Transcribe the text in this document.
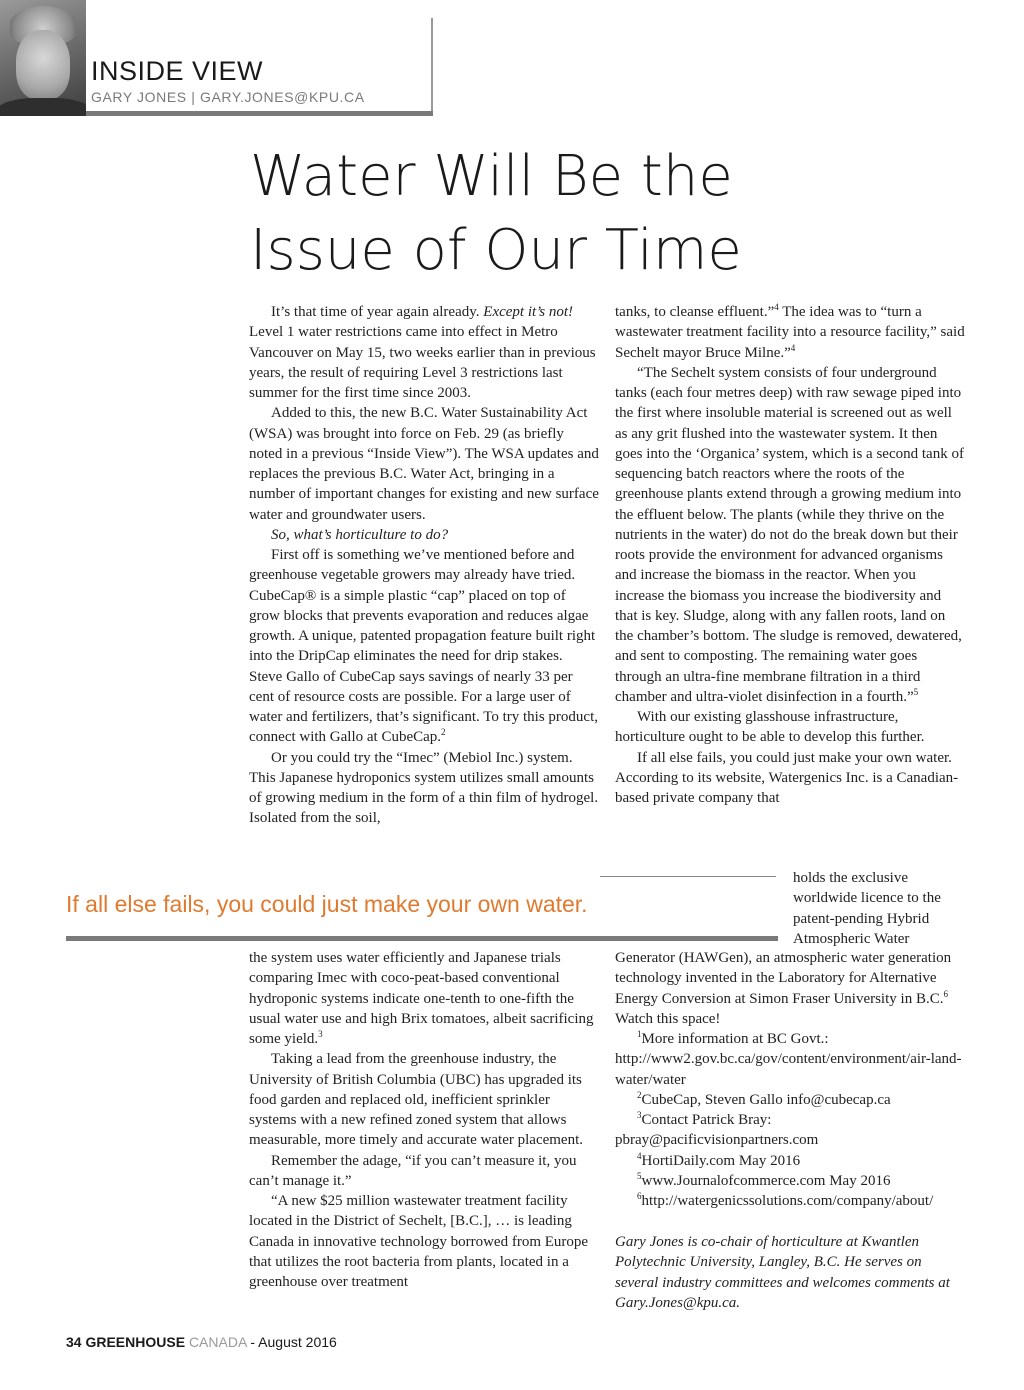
INSIDE VIEW
GARY JONES | GARY.JONES@KPU.CA
Water Will Be the
Issue of Our Time

It’s that time of year again already. Except it’s not! Level 1 water restrictions came into effect in Metro Vancouver on May 15, two weeks earlier than in previous years, the result of requiring Level 3 restrictions last summer for the first time since 2003.

Added to this, the new B.C. Water Sustainability Act (WSA) was brought into force on Feb. 29 (as briefly noted in a previous “Inside View”). The WSA updates and replaces the previous B.C. Water Act, bringing in a number of important changes for existing and new surface water and groundwater users.

So, what’s horticulture to do?

First off is something we’ve mentioned before and greenhouse vegetable growers may already have tried. CubeCap® is a simple plastic “cap” placed on top of grow blocks that prevents evaporation and reduces algae growth. A unique, patented propagation feature built right into the DripCap eliminates the need for drip stakes. Steve Gallo of CubeCap says savings of nearly 33 per cent of resource costs are possible. For a large user of water and fertilizers, that’s significant. To try this product, connect with Gallo at CubeCap.$^2$

Or you could try the “Imec” (Mebiol Inc.) system. This Japanese hydroponics system utilizes small amounts of growing medium in the form of a thin film of hydrogel. Isolated from the soil,

If all else fails, you could just make your own water.

the system uses water efficiently and Japanese trials comparing Imec with coco-peat-based conventional hydroponic systems indicate one-tenth to one-fifth the usual water use and high Brix tomatoes, albeit sacrificing some yield.$^3$

Taking a lead from the greenhouse industry, the University of British Columbia (UBC) has upgraded its food garden and replaced old, inefficient sprinkler systems with a new refined zoned system that allows measurable, more timely and accurate water placement.

Remember the adage, “if you can’t measure it, you can’t manage it.”

“A new $25 million wastewater treatment facility located in the District of Sechelt, [B.C.], … is leading Canada in innovative technology borrowed from Europe that utilizes the root bacteria from plants, located in a greenhouse over treatment

tanks, to cleanse effluent.”$^4$ The idea was to “turn a wastewater treatment facility into a resource facility,” said Sechelt mayor Bruce Milne.”$^4$

“The Sechelt system consists of four underground tanks (each four metres deep) with raw sewage piped into the first where insoluble material is screened out as well as any grit flushed into the wastewater system. It then goes into the ‘Organica’ system, which is a second tank of sequencing batch reactors where the roots of the greenhouse plants extend through a growing medium into the effluent below. The plants (while they thrive on the nutrients in the water) do not do the break down but their roots provide the environment for advanced organisms and increase the biomass in the reactor. When you increase the biomass you increase the biodiversity and that is key. Sludge, along with any fallen roots, land on the chamber’s bottom. The sludge is removed, dewatered, and sent to composting. The remaining water goes through an ultra-fine membrane filtration in a third chamber and ultra-violet disinfection in a fourth.”$^5$

With our existing glasshouse infrastructure, horticulture ought to be able to develop this further.

If all else fails, you could just make your own water. According to its website, Watergenics Inc. is a Canadian-based private company that

holds the exclusive worldwide licence to the patent-pending Hybrid Atmospheric Water

Generator (HAWGen), an atmospheric water generation technology invented in the Laboratory for Alternative Energy Conversion at Simon Fraser University in B.C.$^6$ Watch this space!

$^1$More information at BC Govt.: http://www2.gov.bc.ca/gov/content/environment/air-land-water/water

$^2$CubeCap, Steven Gallo info@cubecap.ca

$^3$Contact Patrick Bray: pbray@pacificvisionpartners.com

$^4$HortiDaily.com May 2016

$^5$www.Journalofcommerce.com May 2016

$^6$http://watergenicssolutions.com/company/about/

Gary Jones is co-chair of horticulture at Kwantlen Polytechnic University, Langley, B.C. He serves on several industry committees and welcomes comments at Gary.Jones@kpu.ca.
34 GREENHOUSE CANADA - August 2016
